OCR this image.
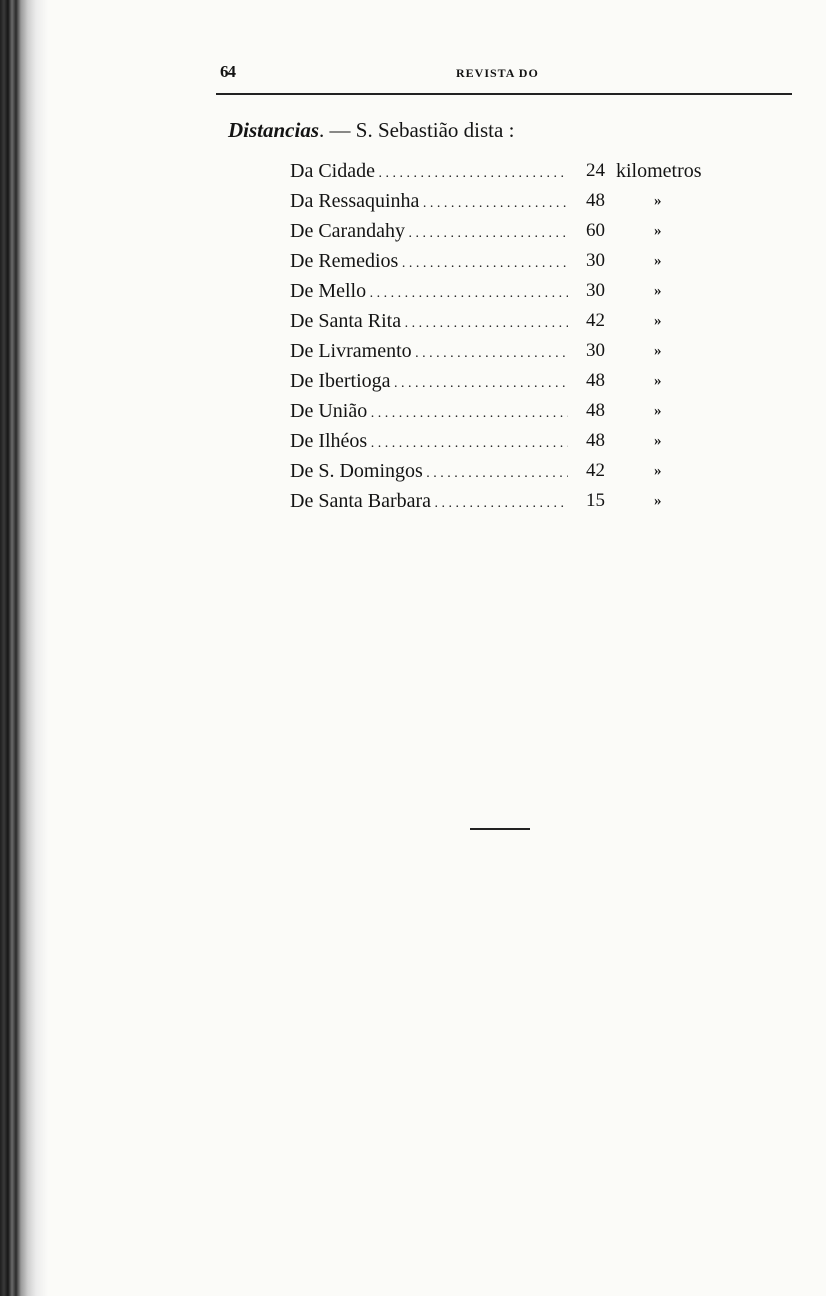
64	REVISTA DO
Distancias. — S. Sebastião dista :
Da Cidade . . .	24 kilometros
Da Ressaquinha . . .	48	»
De Carandahy . . .	60	»
De Remedios . . .	30	»
De Mello . . .	30	»
De Santa Rita . . .	42	»
De Livramento . . .	30	»
De Ibertioga . . .	48	»
De União . . .	48	»
De Ilhéos . . .	48	»
De S. Domingos . . .	42	»
De Santa Barbara . . .	15	»
